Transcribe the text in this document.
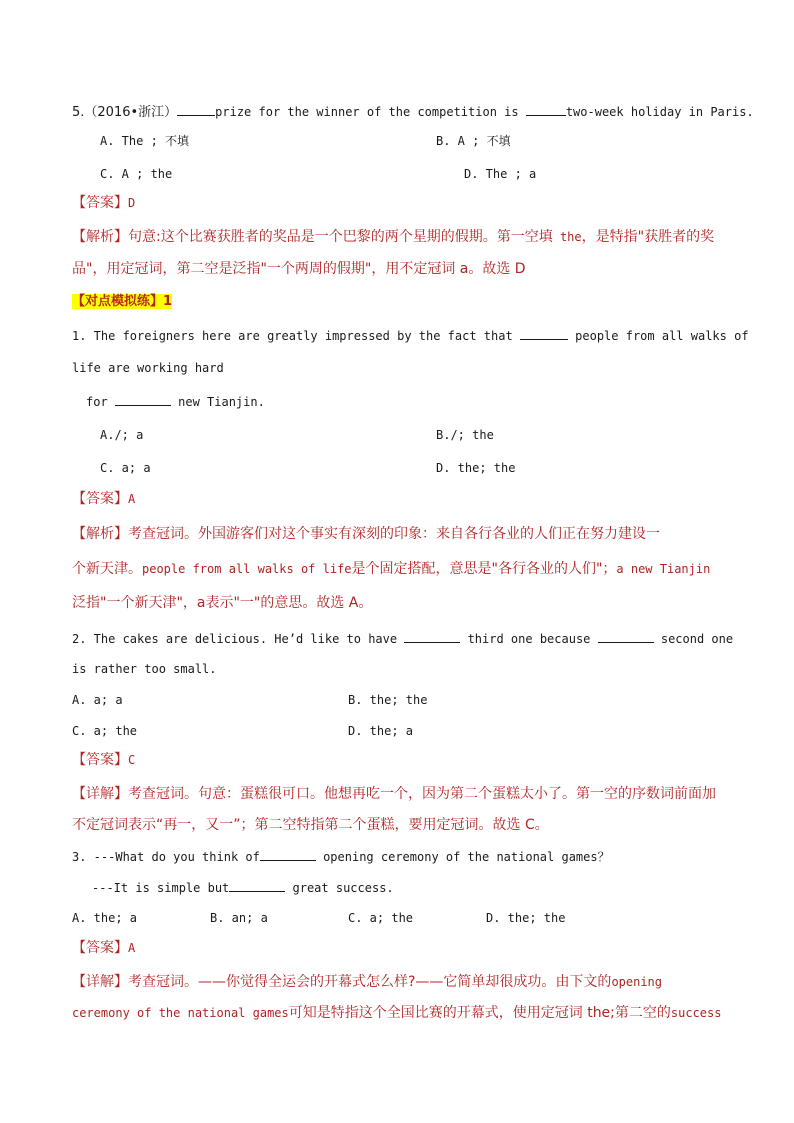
5.（2016•浙江）	prize for the winner of the competition is	two-week holiday in Paris.
A. The ; 不填	B. A ; 不填
C. A ; the	D. The ; a
【答案】D
【解析】句意:这个比赛获胜者的奖品是一个巴黎的两个星期的假期。第一空填 the，是特指"获胜者的奖
品"，用定冠词，第二空是泛指"一个两周的假期"，用不定冠词 a。故选 D
【对点模拟练】1
1. The foreigners here are greatly impressed by the fact that	people from all walks of
life are working hard
for	new Tianjin.
A./; a	B./; the
C. a; a	D. the; the
【答案】A
【解析】考查冠词。外国游客们对这个事实有深刻的印象：来自各行各业的人们正在努力建设一
个新天津。people from all walks of life是个固定搭配，意思是"各行各业的人们"；a new Tianjin
泛指"一个新天津"，a表示"一"的意思。故选 A。
2. The cakes are delicious. He’d like to have	third one because	second one
is rather too small.
A. a; a	B. the; the
C. a; the	D. the; a
【答案】C
【详解】考查冠词。句意：蛋糕很可口。他想再吃一个，因为第二个蛋糕太小了。第一空的序数词前面加
不定冠词表示“再一，又一”；第二空特指第二个蛋糕，要用定冠词。故选 C。
3. ---What do you think of	opening ceremony of the national games？
---It is simple but	great success.
A. the; a	B. an; a	C. a; the	D. the; the
【答案】A
【详解】考查冠词。——你觉得全运会的开幕式怎么样?——它简单却很成功。由下文的opening
ceremony of the national games可知是特指这个全国比赛的开幕式，使用定冠词 the;第二空的success
